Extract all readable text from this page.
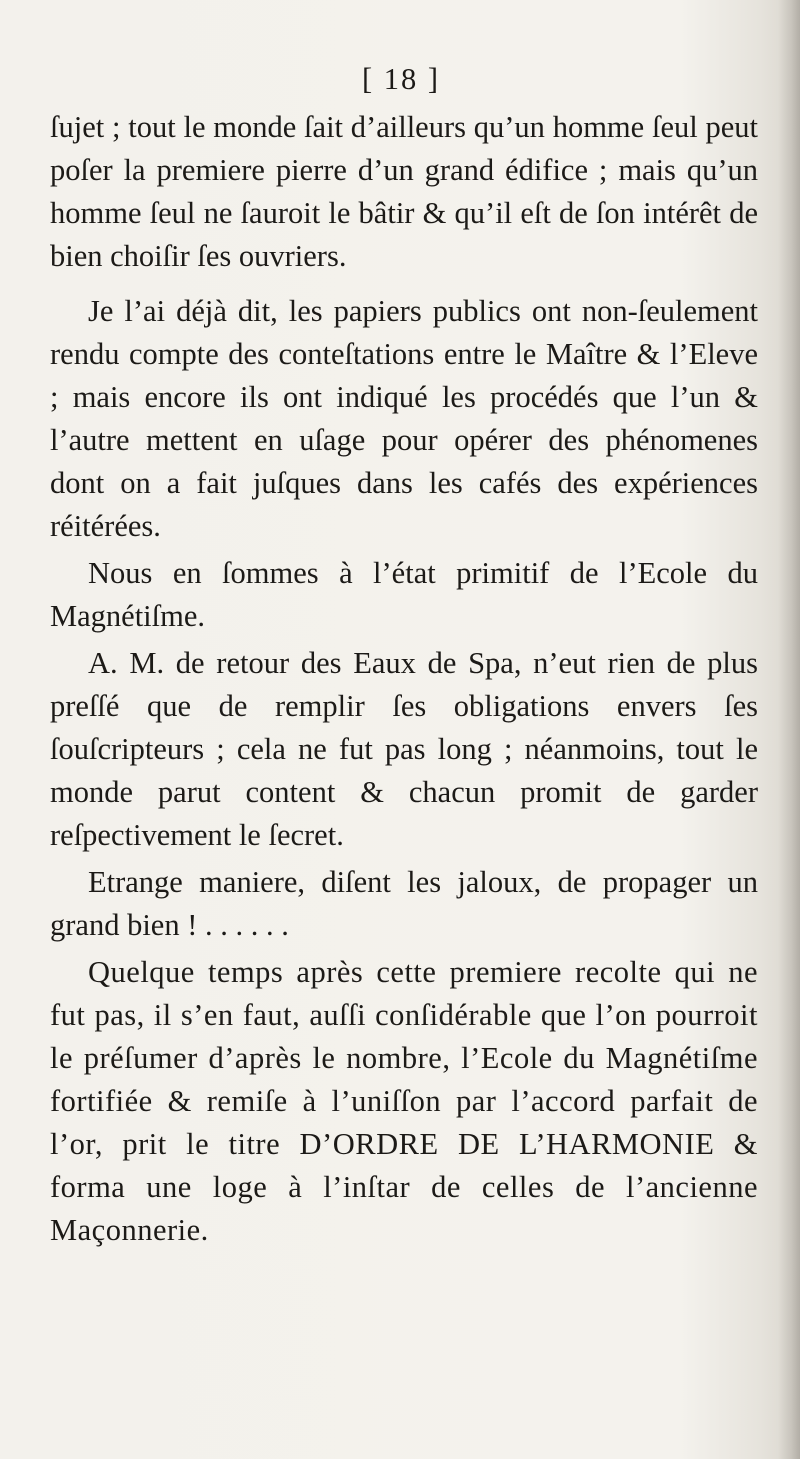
[ 18 ]

ſujet ; tout le monde ſait d’ailleurs qu’un homme ſeul peut poſer la premiere pierre d’un grand édifice ; mais qu’un homme ſeul ne ſauroit le bâtir & qu’il eſt de ſon intérêt de bien choiſir ſes ouvriers.

Je l’ai déjà dit, les papiers publics ont non-ſeulement rendu compte des conteſtations entre le Maître & l’Eleve ; mais encore ils ont indiqué les procédés que l’un & l’autre mettent en uſage pour opérer des phénomenes dont on a fait juſques dans les cafés des expériences réitérées.

Nous en ſommes à l’état primitif de l’Ecole du Magnétiſme.

A. M. de retour des Eaux de Spa, n’eut rien de plus preſſé que de remplir ſes obligations envers ſes ſouſcripteurs ; cela ne fut pas long ; néanmoins, tout le monde parut content & chacun promit de garder reſpectivement le ſecret.

Etrange maniere, diſent les jaloux, de propager un grand bien ! . . . . . .

Quelque temps après cette premiere recolte qui ne fut pas, il s’en faut, auſſi conſidérable que l’on pourroit le préſumer d’après le nombre, l’Ecole du Magnétiſme fortifiée & remiſe à l’uniſſon par l’accord parfait de l’or, prit le titre D’ORDRE DE L’HARMONIE & forma une loge à l’inſtar de celles de l’ancienne Maçonnerie.
